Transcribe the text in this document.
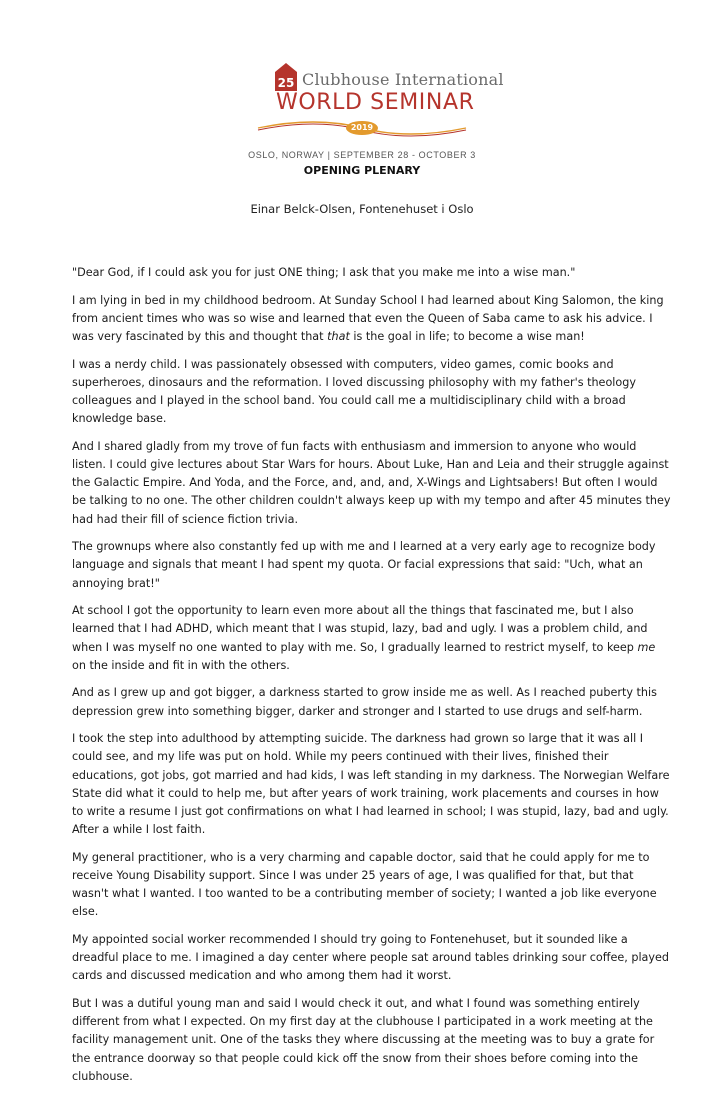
25 Clubhouse International
WORLD SEMINAR
2019
OSLO, NORWAY | SEPTEMBER 28 - OCTOBER 3
OPENING PLENARY
Einar Belck-Olsen, Fontenehuset i Oslo

"Dear God, if I could ask you for just ONE thing; I ask that you make me into a wise man."

I am lying in bed in my childhood bedroom. At Sunday School I had learned about King Salomon, the king from ancient times who was so wise and learned that even the Queen of Saba came to ask his advice. I was very fascinated by this and thought that that is the goal in life; to become a wise man!

I was a nerdy child. I was passionately obsessed with computers, video games, comic books and superheroes, dinosaurs and the reformation. I loved discussing philosophy with my father's theology colleagues and I played in the school band. You could call me a multidisciplinary child with a broad knowledge base.

And I shared gladly from my trove of fun facts with enthusiasm and immersion to anyone who would listen. I could give lectures about Star Wars for hours. About Luke, Han and Leia and their struggle against the Galactic Empire. And Yoda, and the Force, and, and, and, X-Wings and Lightsabers! But often I would be talking to no one. The other children couldn't always keep up with my tempo and after 45 minutes they had had their fill of science fiction trivia.

The grownups where also constantly fed up with me and I learned at a very early age to recognize body language and signals that meant I had spent my quota. Or facial expressions that said: "Uch, what an annoying brat!"

At school I got the opportunity to learn even more about all the things that fascinated me, but I also learned that I had ADHD, which meant that I was stupid, lazy, bad and ugly. I was a problem child, and when I was myself no one wanted to play with me. So, I gradually learned to restrict myself, to keep me on the inside and fit in with the others.

And as I grew up and got bigger, a darkness started to grow inside me as well. As I reached puberty this depression grew into something bigger, darker and stronger and I started to use drugs and self-harm.

I took the step into adulthood by attempting suicide. The darkness had grown so large that it was all I could see, and my life was put on hold. While my peers continued with their lives, finished their educations, got jobs, got married and had kids, I was left standing in my darkness. The Norwegian Welfare State did what it could to help me, but after years of work training, work placements and courses in how to write a resume I just got confirmations on what I had learned in school; I was stupid, lazy, bad and ugly. After a while I lost faith.

My general practitioner, who is a very charming and capable doctor, said that he could apply for me to receive Young Disability support. Since I was under 25 years of age, I was qualified for that, but that wasn't what I wanted. I too wanted to be a contributing member of society; I wanted a job like everyone else.

My appointed social worker recommended I should try going to Fontenehuset, but it sounded like a dreadful place to me. I imagined a day center where people sat around tables drinking sour coffee, played cards and discussed medication and who among them had it worst.

But I was a dutiful young man and said I would check it out, and what I found was something entirely different from what I expected. On my first day at the clubhouse I participated in a work meeting at the facility management unit. One of the tasks they where discussing at the meeting was to buy a grate for the entrance doorway so that people could kick off the snow from their shoes before coming into the clubhouse.
